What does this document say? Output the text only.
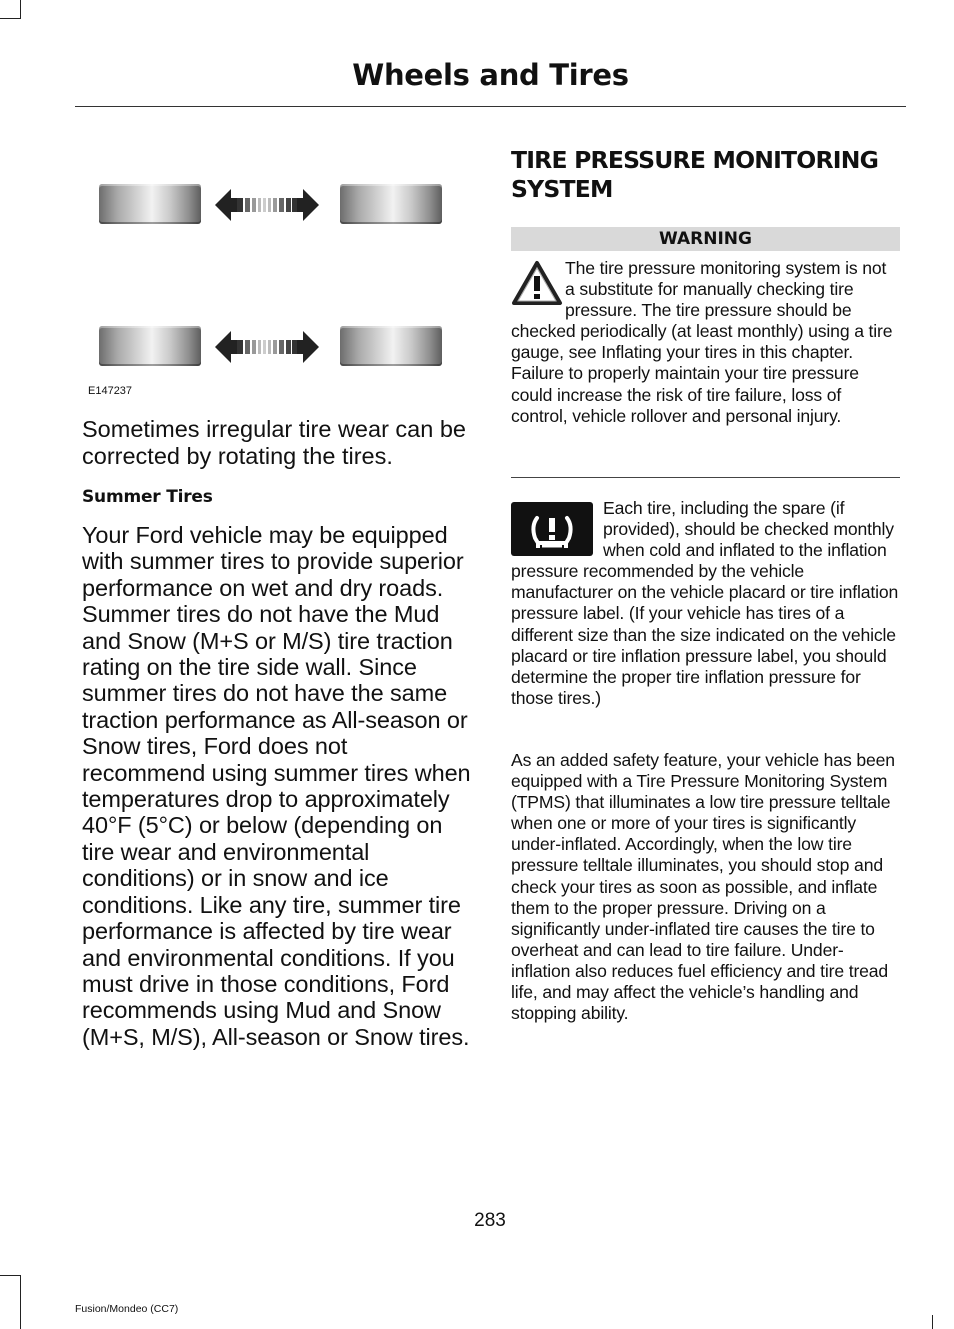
Wheels and Tires
E147237
Sometimes irregular tire wear can be corrected by rotating the tires.
Summer Tires
Your Ford vehicle may be equipped with summer tires to provide superior performance on wet and dry roads. Summer tires do not have the Mud and Snow (M+S or M/S) tire traction rating on the tire side wall. Since summer tires do not have the same traction performance as All-season or Snow tires, Ford does not recommend using summer tires when temperatures drop to approximately 40°F (5°C) or below (depending on tire wear and environmental conditions) or in snow and ice conditions. Like any tire, summer tire performance is affected by tire wear and environmental conditions. If you must drive in those conditions, Ford recommends using Mud and Snow (M+S, M/S), All-season or Snow tires.
TIRE PRESSURE MONITORING SYSTEM
WARNING
The tire pressure monitoring system is not a substitute for manually checking tire pressure. The tire pressure should be checked periodically (at least monthly) using a tire gauge, see Inflating your tires in this chapter. Failure to properly maintain your tire pressure could increase the risk of tire failure, loss of control, vehicle rollover and personal injury.
Each tire, including the spare (if provided), should be checked monthly when cold and inflated to the inflation pressure recommended by the vehicle manufacturer on the vehicle placard or tire inflation pressure label. (If your vehicle has tires of a different size than the size indicated on the vehicle placard or tire inflation pressure label, you should determine the proper tire inflation pressure for those tires.)
As an added safety feature, your vehicle has been equipped with a Tire Pressure Monitoring System (TPMS) that illuminates a low tire pressure telltale when one or more of your tires is significantly under-inflated. Accordingly, when the low tire pressure telltale illuminates, you should stop and check your tires as soon as possible, and inflate them to the proper pressure. Driving on a significantly under-inflated tire causes the tire to overheat and can lead to tire failure. Under-inflation also reduces fuel efficiency and tire tread life, and may affect the vehicle’s handling and stopping ability.
283
Fusion/Mondeo (CC7)
